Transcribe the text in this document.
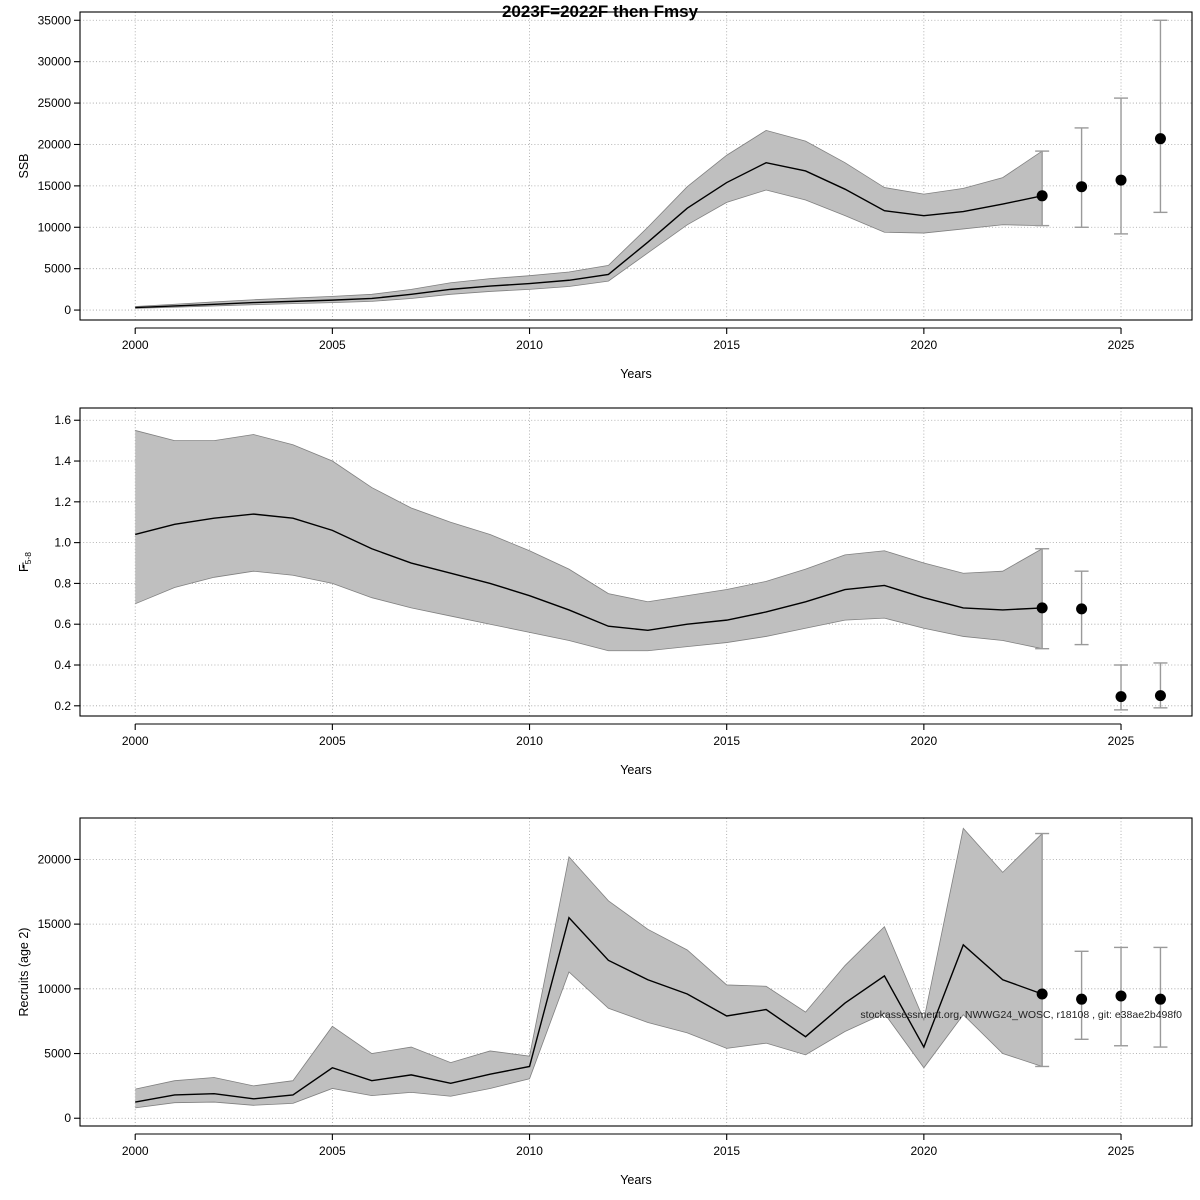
2023F=2022F then Fmsy
0
5000
10000
15000
20000
25000
30000
35000
2000	2005	2010	2015	2020	2025
Years
SSB
0.2
0.4
0.6
0.8
1.0
1.2
1.4
1.6
2000	2005	2010	2015	2020	2025
Years
$F_{5-8}$
0
5000
10000
15000
20000
2000	2005	2010	2015	2020	2025
Years
Recruits (age 2)	stockassessment.org, NWWG24_WOSC, r18108 , git: e38ae2b498f0
